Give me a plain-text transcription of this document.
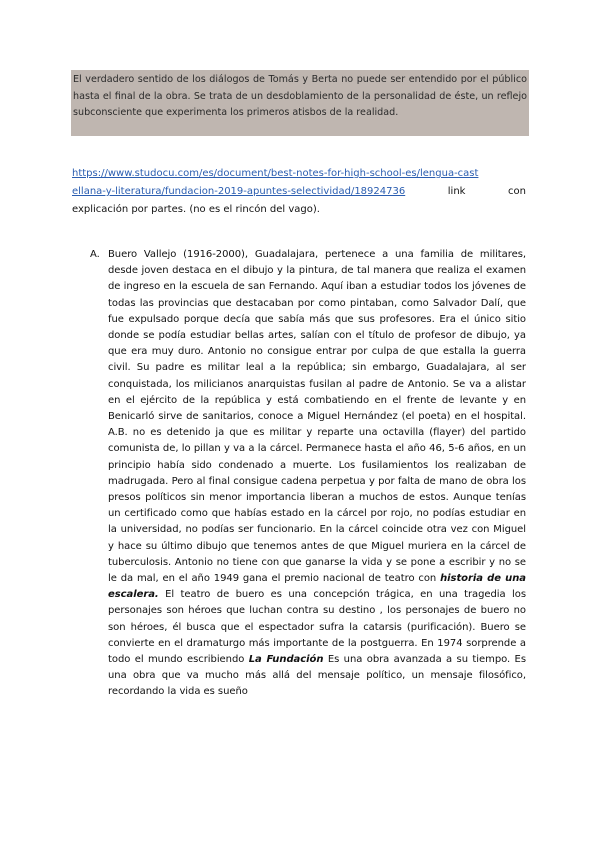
El verdadero sentido de los diálogos de Tomás y Berta no puede ser entendido por el público hasta el final de la obra. Se trata de un desdoblamiento de la personalidad de éste, un reflejo subconsciente que experimenta los primeros atisbos de la realidad.
https://www.studocu.com/es/document/best-notes-for-high-school-es/lengua-cast
ellana-y-literatura/fundacion-2019-apuntes-selectividad/18924736	link	con
explicación por partes. (no es el rincón del vago).
A. Buero Vallejo (1916-2000), Guadalajara, pertenece a una familia de militares, desde joven destaca en el dibujo y la pintura, de tal manera que realiza el examen de ingreso en la escuela de san Fernando. Aquí iban a estudiar todos los jóvenes de todas las provincias que destacaban por como pintaban, como Salvador Dalí, que fue expulsado porque decía que sabía más que sus profesores. Era el único sitio donde se podía estudiar bellas artes, salían con el título de profesor de dibujo, ya que era muy duro. Antonio no consigue entrar por culpa de que estalla la guerra civil. Su padre es militar leal a la república; sin embargo, Guadalajara, al ser conquistada, los milicianos anarquistas fusilan al padre de Antonio. Se va a alistar en el ejército de la república y está combatiendo en el frente de levante y en Benicarló sirve de sanitarios, conoce a Miguel Hernández (el poeta) en el hospital. A.B. no es detenido ja que es militar y reparte una octavilla (flayer) del partido comunista de, lo pillan y va a la cárcel. Permanece hasta el año 46, 5-6 años, en un principio había sido condenado a muerte. Los fusilamientos los realizaban de madrugada. Pero al final consigue cadena perpetua y por falta de mano de obra los presos políticos sin menor importancia liberan a muchos de estos. Aunque tenías un certificado como que habías estado en la cárcel por rojo, no podías estudiar en la universidad, no podías ser funcionario. En la cárcel coincide otra vez con Miguel y hace su último dibujo que tenemos antes de que Miguel muriera en la cárcel de tuberculosis. Antonio no tiene con que ganarse la vida y se pone a escribir y no se le da mal, en el año 1949 gana el premio nacional de teatro con historia de una escalera. El teatro de buero es una concepción trágica, en una tragedia los personajes son héroes que luchan contra su destino , los personajes de buero no son héroes, él busca que el espectador sufra la catarsis (purificación). Buero se convierte en el dramaturgo más importante de la postguerra. En 1974 sorprende a todo el mundo escribiendo La Fundación Es una obra avanzada a su tiempo. Es una obra que va mucho más allá del mensaje político, un mensaje filosófico, recordando la vida es sueño
